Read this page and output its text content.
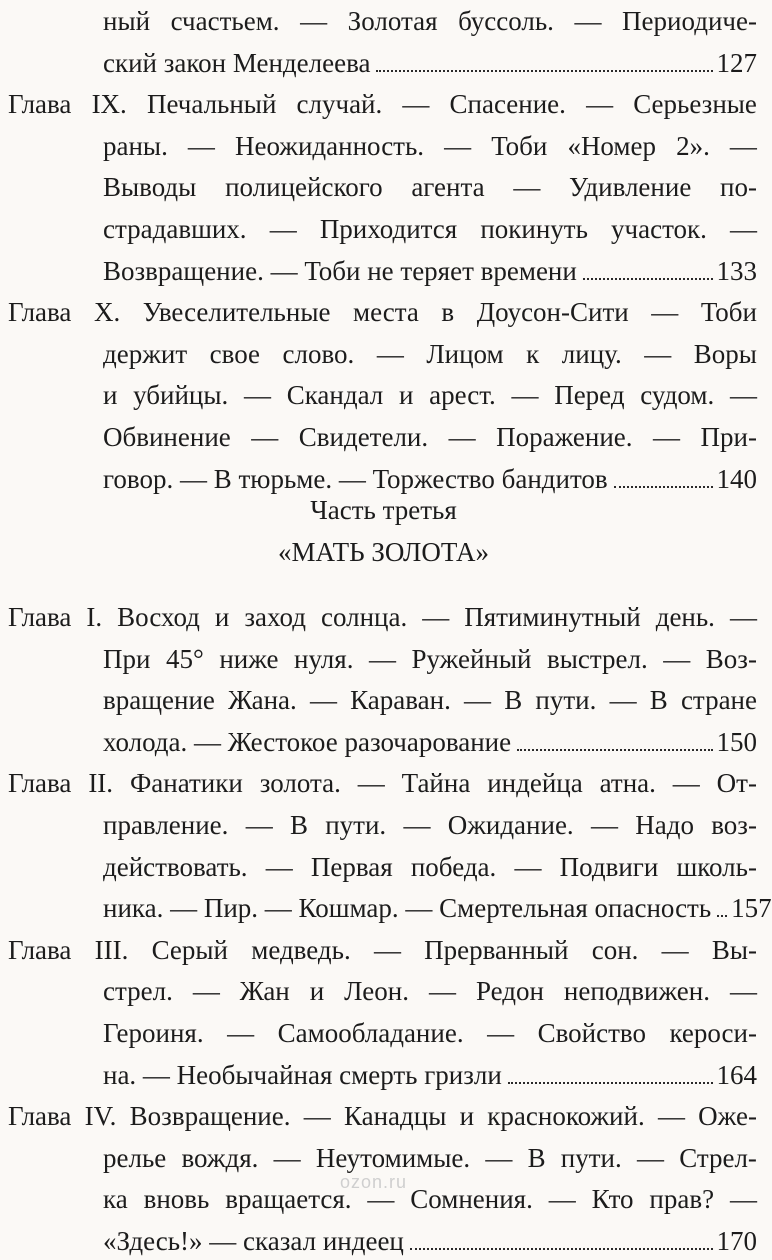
ный счастьем. — Золотая буссоль. — Периодиче-
ский закон Менделеева	127
Глава IX. Печальный случай. — Спасение. — Серьезные
раны. — Неожиданность. — Тоби «Номер 2». —
Выводы полицейского агента — Удивление по-
страдавших. — Приходится покинуть участок. —
Возвращение. — Тоби не теряет времени	133
Глава X. Увеселительные места в Доусон-Сити — Тоби
держит свое слово. — Лицом к лицу. — Воры
и убийцы. — Скандал и арест. — Перед судом. —
Обвинение — Свидетели. — Поражение. — При-
говор. — В тюрьме. — Торжество бандитов	140
Часть третья
«МАТЬ ЗОЛОТА»
Глава I. Восход и заход солнца. — Пятиминутный день. —
При 45° ниже нуля. — Ружейный выстрел. — Воз-
вращение Жана. — Караван. — В пути. — В стране
холода. — Жестокое разочарование	150
Глава II. Фанатики золота. — Тайна индейца атна. — От-
правление. — В пути. — Ожидание. — Надо воз-
действовать. — Первая победа. — Подвиги школь-
ника. — Пир. — Кошмар. — Смертельная опасность 157
Глава III. Серый медведь. — Прерванный сон. — Вы-
стрел. — Жан и Леон. — Редон неподвижен. —
Героиня. — Самообладание. — Свойство кероси-
на. — Необычайная смерть гризли	164
Глава IV. Возвращение. — Канадцы и краснокожий. — Оже-
релье вождя. — Неутомимые. — В пути. — Стрел-
ка вновь вращается. — Сомнения. — Кто прав? —
«Здесь!» — сказал индеец	170
ozon.ru
